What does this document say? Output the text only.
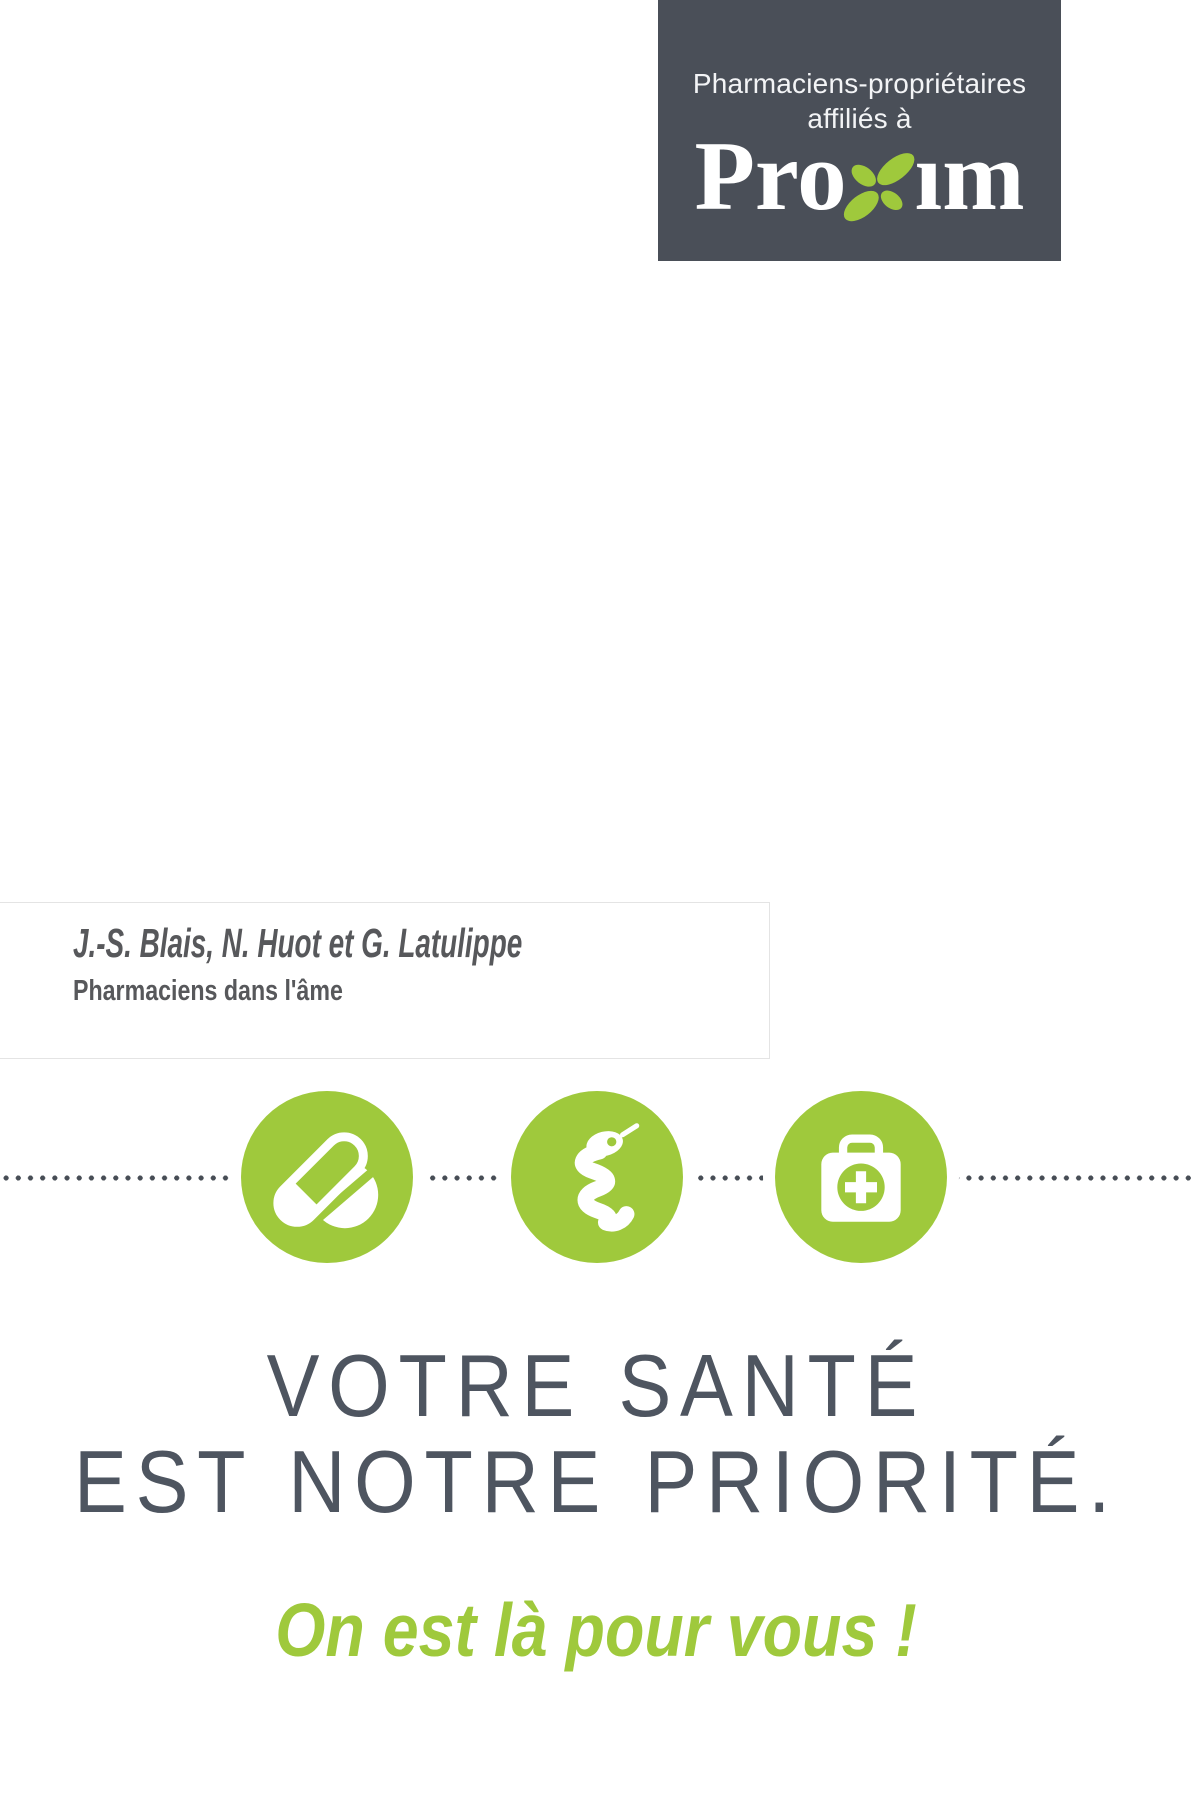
Pharmaciens-propriétaires
affiliés à
Pro ım
J.-S. Blais, N. Huot et G. Latulippe
Pharmaciens dans l'âme
VOTRE SANTÉ
EST NOTRE PRIORITÉ.
On est là pour vous !
